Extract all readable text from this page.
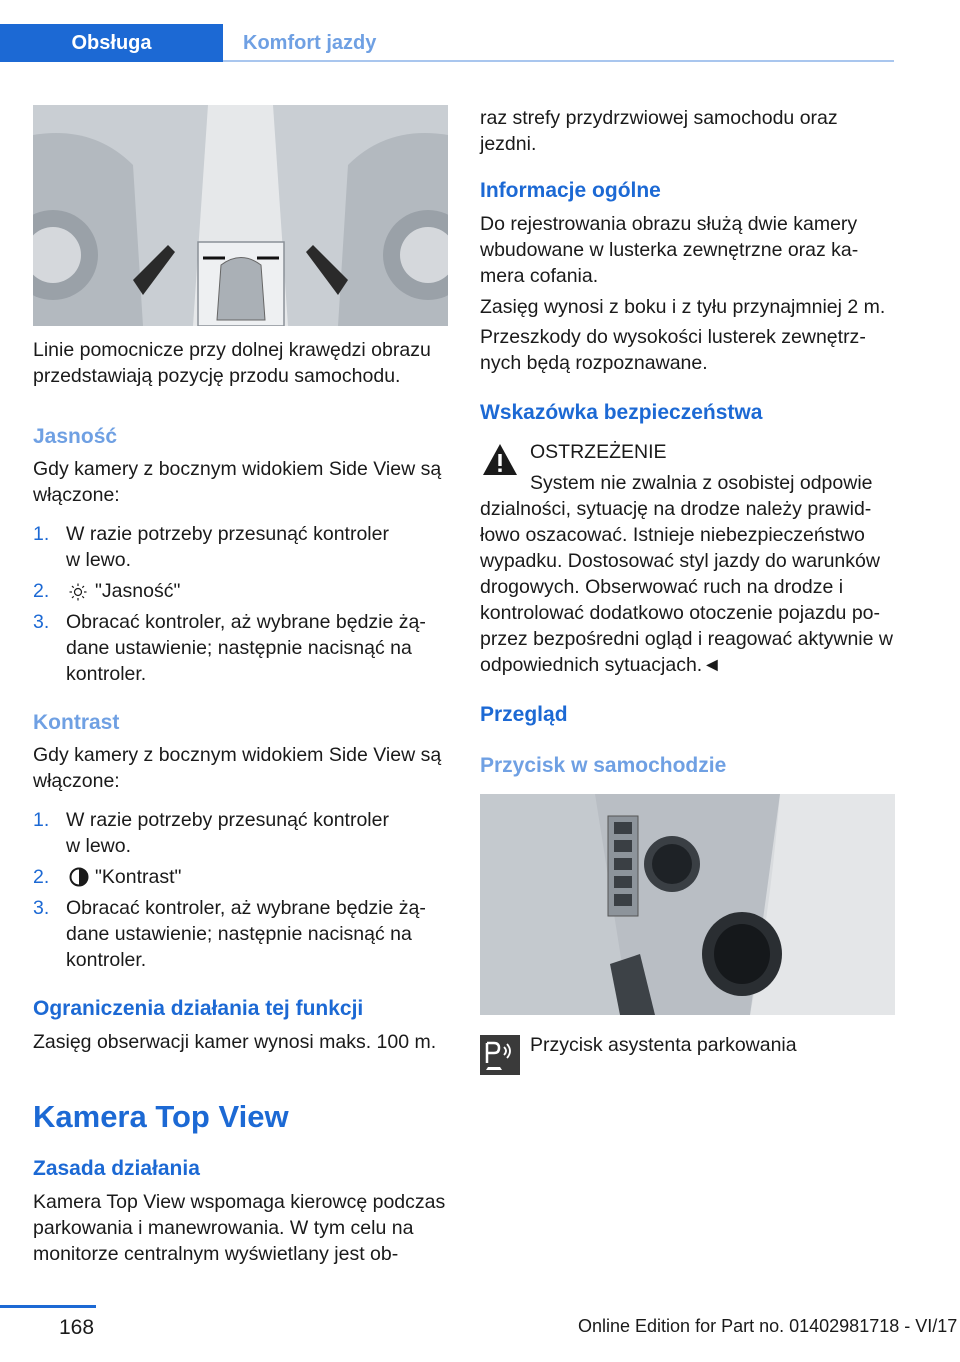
Obsługa	Komfort jazdy

Linie pomocnicze przy dolnej krawędzi obrazu przedstawiają pozycję przodu samochodu.

Jasność

Gdy kamery z bocznym widokiem Side View są włączone:

1. W razie potrzeby przesunąć kontroler w lewo.
2. "Jasność"
3. Obracać kontroler, aż wybrane będzie żądane ustawienie; następnie nacisnąć na kontroler.
Kontrast

Gdy kamery z bocznym widokiem Side View są włączone:

1. W razie potrzeby przesunąć kontroler w lewo.
2. "Kontrast"
3. Obracać kontroler, aż wybrane będzie żądane ustawienie; następnie nacisnąć na kontroler.
Ograniczenia działania tej funkcji

Zasięg obserwacji kamer wynosi maks. 100 m.

Kamera Top View
Zasada działania

Kamera Top View wspomaga kierowcę podczas parkowania i manewrowania. W tym celu na monitorze centralnym wyświetlany jest ob-

raz strefy przydrzwiowej samochodu oraz jezdni.

Informacje ogólne

Do rejestrowania obrazu służą dwie kamery wbudowane w lusterka zewnętrzne oraz kamera cofania.

Zasięg wynosi z boku i z tyłu przynajmniej 2 m.

Przeszkody do wysokości lusterek zewnętrznych będą rozpoznawane.

Wskazówka bezpieczeństwa

OSTRZEŻENIE

System nie zwalnia z osobistej odpowie

dzialności, sytuację na drodze należy prawidłowo oszacować. Istnieje niebezpieczeństwo wypadku. Dostosować styl jazdy do warunków drogowych. Obserwować ruch na drodze i kontrolować dodatkowo otoczenie pojazdu poprzez bezpośredni ogląd i reagować aktywnie w odpowiednich sytuacjach.◄

Przegląd
Przycisk w samochodzie

Przycisk asystenta parkowania

168	Online Edition for Part no. 01402981718 - VI/17
